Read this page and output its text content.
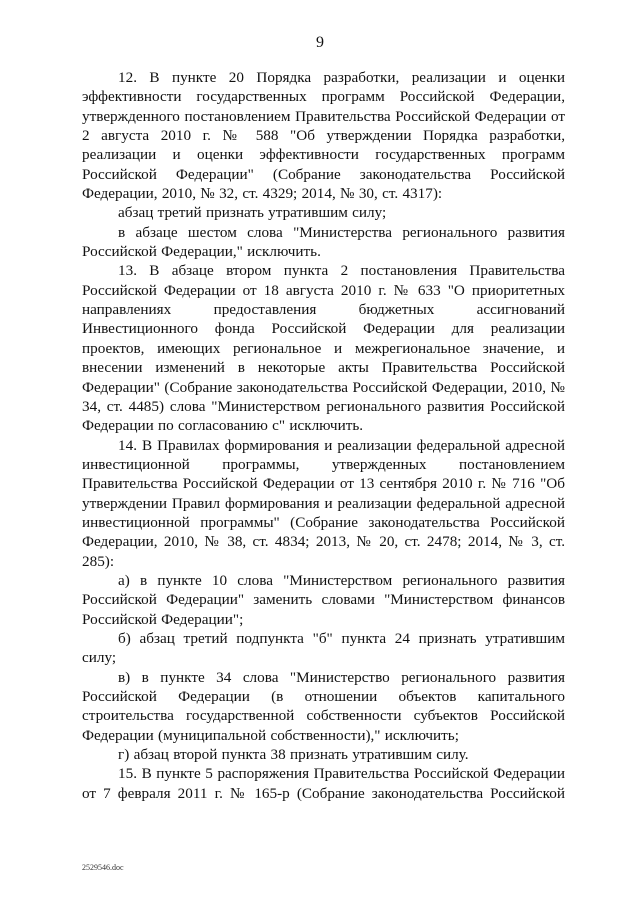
9

12. В пункте 20 Порядка разработки, реализации и оценки эффективности государственных программ Российской Федерации, утвержденного постановлением Правительства Российской Федерации от 2 августа 2010 г. № 588 "Об утверждении Порядка разработки, реализации и оценки эффективности государственных программ Российской Федерации" (Собрание законодательства Российской Федерации, 2010, № 32, ст. 4329; 2014, № 30, ст. 4317):

абзац третий признать утратившим силу;

в абзаце шестом слова "Министерства регионального развития Российской Федерации," исключить.

13. В абзаце втором пункта 2 постановления Правительства Российской Федерации от 18 августа 2010 г. № 633 "О приоритетных направлениях предоставления бюджетных ассигнований Инвестиционного фонда Российской Федерации для реализации проектов, имеющих региональное и межрегиональное значение, и внесении изменений в некоторые акты Правительства Российской Федерации" (Собрание законодательства Российской Федерации, 2010, № 34, ст. 4485) слова "Министерством регионального развития Российской Федерации по согласованию с" исключить.

14. В Правилах формирования и реализации федеральной адресной инвестиционной программы, утвержденных постановлением Правительства Российской Федерации от 13 сентября 2010 г. № 716 "Об утверждении Правил формирования и реализации федеральной адресной инвестиционной программы" (Собрание законодательства Российской Федерации, 2010, № 38, ст. 4834; 2013, № 20, ст. 2478; 2014, № 3, ст. 285):

а) в пункте 10 слова "Министерством регионального развития Российской Федерации" заменить словами "Министерством финансов Российской Федерации";

б) абзац третий подпункта "б" пункта 24 признать утратившим силу;

в) в пункте 34 слова "Министерство регионального развития Российской Федерации (в отношении объектов капитального строительства государственной собственности субъектов Российской Федерации (муниципальной собственности)," исключить;

г) абзац второй пункта 38 признать утратившим силу.

15. В пункте 5 распоряжения Правительства Российской Федерации от 7 февраля 2011 г. № 165-р (Собрание законодательства Российской

2529546.doc
